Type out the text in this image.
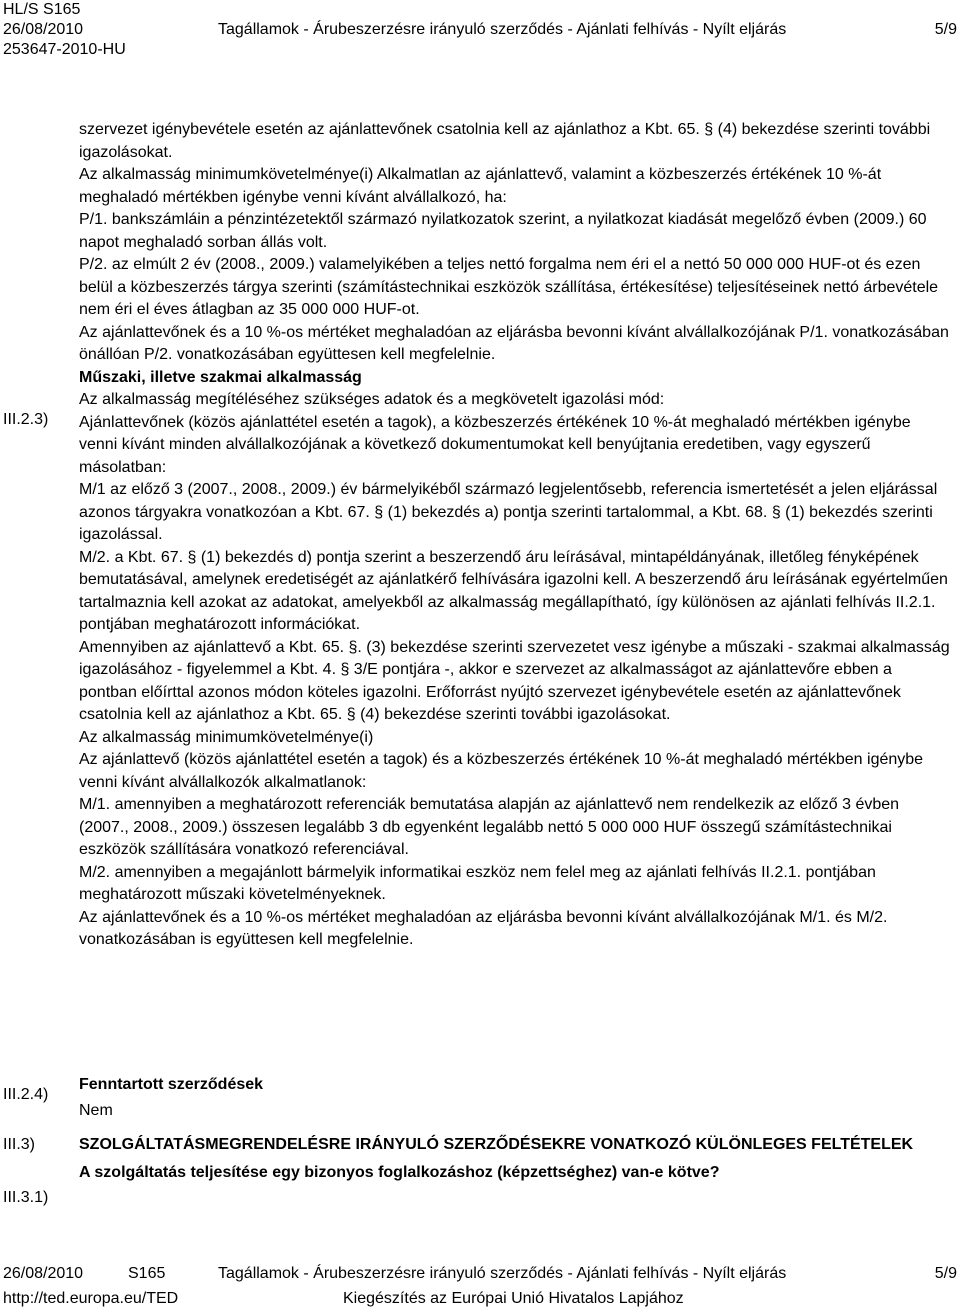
HL/S S165
26/08/2010	Tagállamok - Árubeszerzésre irányuló szerződés - Ajánlati felhívás - Nyílt eljárás	5/9
253647-2010-HU
III.2.3)
III.2.4)
III.3)
III.3.1)

szervezet igénybevétele esetén az ajánlattevőnek csatolnia kell az ajánlathoz a Kbt. 65. § (4) bekezdése szerinti további igazolásokat.

Az alkalmasság minimumkövetelménye(i) Alkalmatlan az ajánlattevő, valamint a közbeszerzés értékének 10 %-át meghaladó mértékben igénybe venni kívánt alvállalkozó, ha:

P/1. bankszámláin a pénzintézetektől származó nyilatkozatok szerint, a nyilatkozat kiadását megelőző évben (2009.) 60 napot meghaladó sorban állás volt.

P/2. az elmúlt 2 év (2008., 2009.) valamelyikében a teljes nettó forgalma nem éri el a nettó 50 000 000 HUF-ot és ezen belül a közbeszerzés tárgya szerinti (számítástechnikai eszközök szállítása, értékesítése) teljesítéseinek nettó árbevétele nem éri el éves átlagban az 35 000 000 HUF-ot.

Az ajánlattevőnek és a 10 %-os mértéket meghaladóan az eljárásba bevonni kívánt alvállalkozójának P/1. vonatkozásában önállóan P/2. vonatkozásában együttesen kell megfelelnie.

Műszaki, illetve szakmai alkalmasság

Az alkalmasság megítéléséhez szükséges adatok és a megkövetelt igazolási mód:

Ajánlattevőnek (közös ajánlattétel esetén a tagok), a közbeszerzés értékének 10 %-át meghaladó mértékben igénybe venni kívánt minden alvállalkozójának a következő dokumentumokat kell benyújtania eredetiben, vagy egyszerű másolatban:

M/1 az előző 3 (2007., 2008., 2009.) év bármelyikéből származó legjelentősebb, referencia ismertetését a jelen eljárással azonos tárgyakra vonatkozóan a Kbt. 67. § (1) bekezdés a) pontja szerinti tartalommal, a Kbt. 68. § (1) bekezdés szerinti igazolással.

M/2. a Kbt. 67. § (1) bekezdés d) pontja szerint a beszerzendő áru leírásával, mintapéldányának, illetőleg fényképének bemutatásával, amelynek eredetiségét az ajánlatkérő felhívására igazolni kell. A beszerzendő áru leírásának egyértelműen tartalmaznia kell azokat az adatokat, amelyekből az alkalmasság megállapítható, így különösen az ajánlati felhívás II.2.1. pontjában meghatározott információkat.

Amennyiben az ajánlattevő a Kbt. 65. §. (3) bekezdése szerinti szervezetet vesz igénybe a műszaki - szakmai alkalmasság igazolásához - figyelemmel a Kbt. 4. § 3/E pontjára -, akkor e szervezet az alkalmasságot az ajánlattevőre ebben a pontban előírttal azonos módon köteles igazolni. Erőforrást nyújtó szervezet igénybevétele esetén az ajánlattevőnek csatolnia kell az ajánlathoz a Kbt. 65. § (4) bekezdése szerinti további igazolásokat.

Az alkalmasság minimumkövetelménye(i)

Az ajánlattevő (közös ajánlattétel esetén a tagok) és a közbeszerzés értékének 10 %-át meghaladó mértékben igénybe venni kívánt alvállalkozók alkalmatlanok:

M/1. amennyiben a meghatározott referenciák bemutatása alapján az ajánlattevő nem rendelkezik az előző 3 évben (2007., 2008., 2009.) összesen legalább 3 db egyenként legalább nettó 5 000 000 HUF összegű számítástechnikai eszközök szállítására vonatkozó referenciával.

M/2. amennyiben a megajánlott bármelyik informatikai eszköz nem felel meg az ajánlati felhívás II.2.1. pontjában meghatározott műszaki követelményeknek.

Az ajánlattevőnek és a 10 %-os mértéket meghaladóan az eljárásba bevonni kívánt alvállalkozójának M/1. és M/2. vonatkozásában is együttesen kell megfelelnie.

Fenntartott szerződések

Nem

SZOLGÁLTATÁSMEGRENDELÉSRE IRÁNYULÓ SZERZŐDÉSEKRE VONATKOZÓ KÜLÖNLEGES FELTÉTELEK

A szolgáltatás teljesítése egy bizonyos foglalkozáshoz (képzettséghez) van-e kötve?

26/08/2010	S165	Tagállamok - Árubeszerzésre irányuló szerződés - Ajánlati felhívás - Nyílt eljárás	5/9
http://ted.europa.eu/TED	Kiegészítés az Európai Unió Hivatalos Lapjához
